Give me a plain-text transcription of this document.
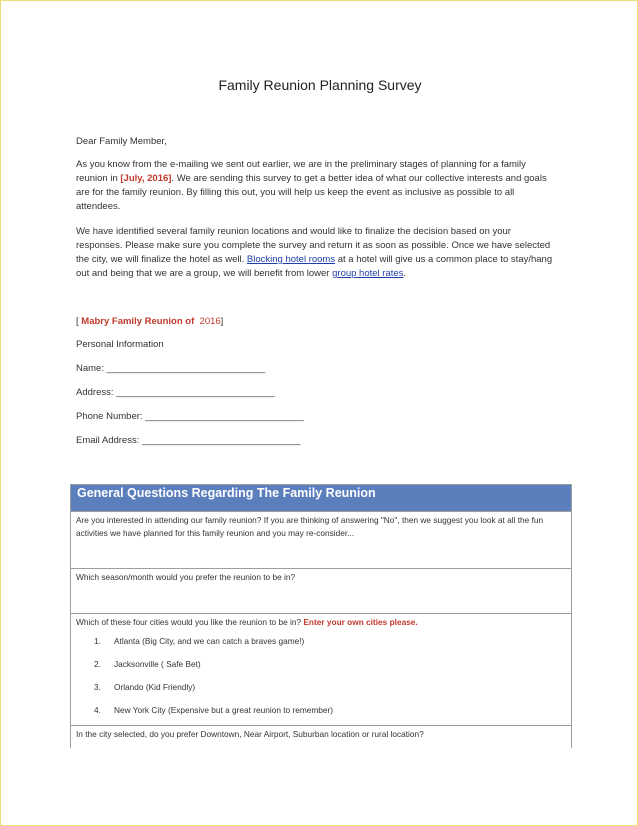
Family Reunion Planning Survey
Dear Family Member,
As you know from the e-mailing we sent out earlier, we are in the preliminary stages of planning for a family reunion in [July, 2016]. We are sending this survey to get a better idea of what our collective interests and goals are for the family reunion. By filling this out, you will help us keep the event as inclusive as possible to all attendees.
We have identified several family reunion locations and would like to finalize the decision based on your responses. Please make sure you complete the survey and return it as soon as possible. Once we have selected the city, we will finalize the hotel as well. Blocking hotel rooms at a hotel will give us a common place to stay/hang out and being that we are a group, we will benefit from lower group hotel rates.
[ Mabry Family Reunion of 2016]
Personal Information
Name: ______________________________
Address: ______________________________
Phone Number: ______________________________
Email Address: ______________________________
General Questions Regarding The Family Reunion
Are you interested in attending our family reunion? If you are thinking of answering "No", then we suggest you look at all the fun activities we have planned for this family reunion and you may re-consider...
Which season/month would you prefer the reunion to be in?
Which of these four cities would you like the reunion to be in? Enter your own cities please.
1. Atlanta (Big City, and we can catch a braves game!)
2. Jacksonville ( Safe Bet)
3. Orlando (Kid Friendly)
4. New York City (Expensive but a great reunion to remember)
In the city selected, do you prefer Downtown, Near Airport, Suburban location or rural location?
